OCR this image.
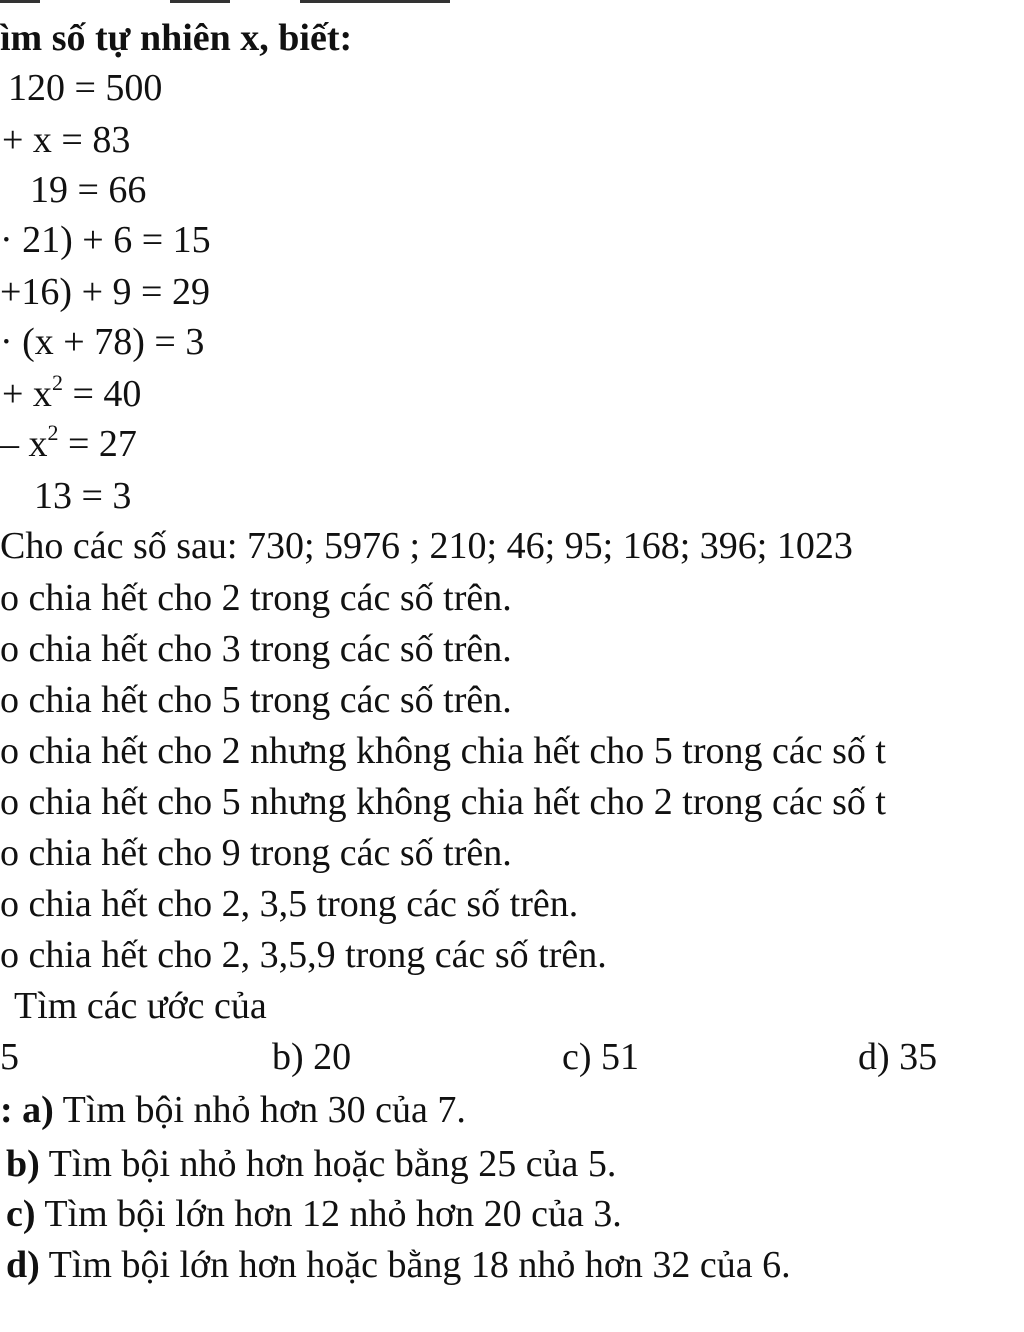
ìm số tự nhiên x, biết:
120 = 500
+ x = 83
19 = 66
· 21) + 6 = 15
+16) + 9 = 29
· (x + 78) = 3
+ $x^2 = 40$
– $x^2 = 27$
13 = 3
Cho các số sau: 730; 5976 ; 210; 46; 95; 168; 396; 1023
o chia hết cho 2 trong các số trên.
o chia hết cho 3 trong các số trên.
o chia hết cho 5 trong các số trên.
o chia hết cho 2 nhưng không chia hết cho 5 trong các số t
o chia hết cho 5 nhưng không chia hết cho 2 trong các số t
o chia hết cho 9 trong các số trên.
o chia hết cho 2, 3,5 trong các số trên.
o chia hết cho 2, 3,5,9 trong các số trên.
Tìm các ước của
5	b) 20	c) 51	d) 35
: a) Tìm bội nhỏ hơn 30 của 7.
b) Tìm bội nhỏ hơn hoặc bằng 25 của 5.
c) Tìm bội lớn hơn 12 nhỏ hơn 20 của 3.
d) Tìm bội lớn hơn hoặc bằng 18 nhỏ hơn 32 của 6.
